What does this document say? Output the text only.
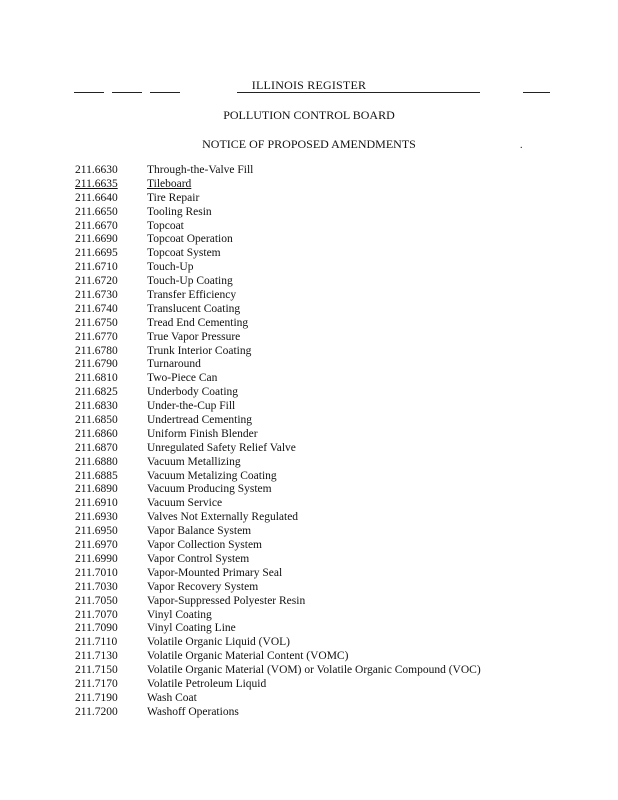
ILLINOIS REGISTER
POLLUTION CONTROL BOARD
NOTICE OF PROPOSED AMENDMENTS	.
211.6630	Through-the-Valve Fill
211.6635	Tileboard
211.6640	Tire Repair
211.6650	Tooling Resin
211.6670	Topcoat
211.6690	Topcoat Operation
211.6695	Topcoat System
211.6710	Touch-Up
211.6720	Touch-Up Coating
211.6730	Transfer Efficiency
211.6740	Translucent Coating
211.6750	Tread End Cementing
211.6770	True Vapor Pressure
211.6780	Trunk Interior Coating
211.6790	Turnaround
211.6810	Two-Piece Can
211.6825	Underbody Coating
211.6830	Under-the-Cup Fill
211.6850	Undertread Cementing
211.6860	Uniform Finish Blender
211.6870	Unregulated Safety Relief Valve
211.6880	Vacuum Metallizing
211.6885	Vacuum Metalizing Coating
211.6890	Vacuum Producing System
211.6910	Vacuum Service
211.6930	Valves Not Externally Regulated
211.6950	Vapor Balance System
211.6970	Vapor Collection System
211.6990	Vapor Control System
211.7010	Vapor-Mounted Primary Seal
211.7030	Vapor Recovery System
211.7050	Vapor-Suppressed Polyester Resin
211.7070	Vinyl Coating
211.7090	Vinyl Coating Line
211.7110	Volatile Organic Liquid (VOL)
211.7130	Volatile Organic Material Content (VOMC)
211.7150	Volatile Organic Material (VOM) or Volatile Organic Compound (VOC)
211.7170	Volatile Petroleum Liquid
211.7190	Wash Coat
211.7200	Washoff Operations
